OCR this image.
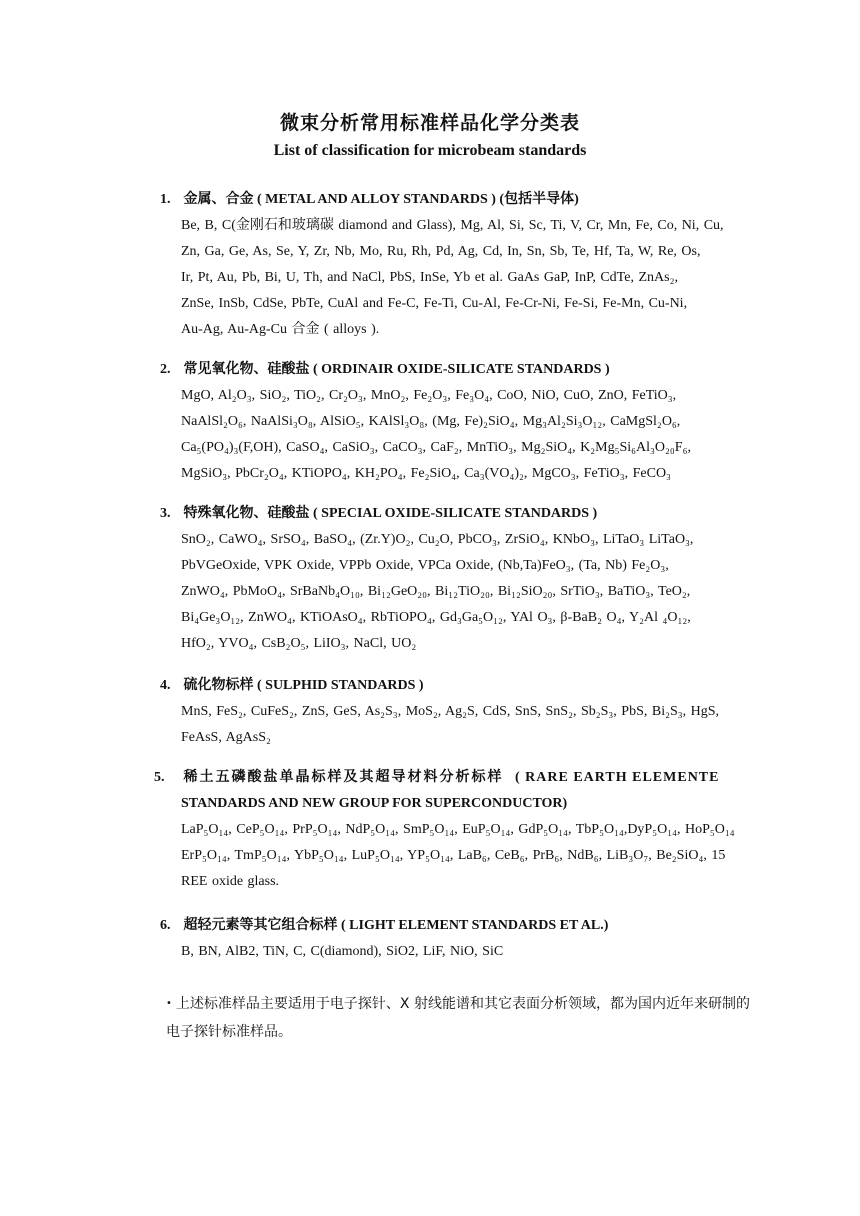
微束分析常用标准样品化学分类表
List of classification for microbeam standards
1. 金属、合金 ( METAL AND ALLOY STANDARDS ) (包括半导体)
Be, B, C(金刚石和玻璃碳 diamond and Glass), Mg, Al, Si, Sc, Ti, V, Cr, Mn, Fe, Co, Ni, Cu,
Zn, Ga, Ge, As, Se, Y, Zr, Nb, Mo, Ru, Rh, Pd, Ag, Cd, In, Sn, Sb, Te, Hf, Ta, W, Re, Os,
Ir, Pt, Au, Pb, Bi, U, Th, and NaCl, PbS, InSe, Yb et al. GaAs GaP, InP, CdTe, ZnAs₂,
ZnSe, InSb, CdSe, PbTe, CuAl and Fe-C, Fe-Ti, Cu-Al, Fe-Cr-Ni, Fe-Si, Fe-Mn, Cu-Ni,
Au-Ag, Au-Ag-Cu 合金 ( alloys ).
2. 常见氧化物、硅酸盐 ( ORDINAIR OXIDE-SILICATE STANDARDS )
MgO, Al₂O₃, SiO₂, TiO₂, Cr₂O₃, MnO₂, Fe₂O₃, Fe₃O₄, CoO, NiO, CuO, ZnO, FeTiO₃,
NaAlSl₂O₆, NaAlSi₃O₈, AlSiO₅, KAlSl₃O₈, (Mg, Fe)₂SiO₄, Mg₃Al₂Si₃O₁₂, CaMgSl₂O₆,
Ca₅(PO₄)₃(F,OH), CaSO₄, CaSiO₃, CaCO₃, CaF₂, MnTiO₃, Mg₂SiO₄, K₂Mg₅Si₆Al₃O₂₀F₆,
MgSiO₃, PbCr₂O₄, KTiOPO₄, KH₂PO₄, Fe₂SiO₄, Ca₃(VO₄)₂, MgCO₃, FeTiO₃, FeCO₃
3. 特殊氧化物、硅酸盐 ( SPECIAL OXIDE-SILICATE STANDARDS )
SnO₂, CaWO₄, SrSO₄, BaSO₄, (Zr.Y)O₂, Cu₂O, PbCO₃, ZrSiO₄, KNbO₃, LiTaO₃ LiTaO₃,
PbVGeOxide, VPK Oxide, VPPb Oxide, VPCa Oxide, (Nb,Ta)FeO₃, (Ta, Nb) Fe₂O₃,
ZnWO₄, PbMoO₄, SrBaNb₄O₁₀, Bi₁₂GeO₂₀, Bi₁₂TiO₂₀, Bi₁₂SiO₂₀, SrTiO₃, BaTiO₃, TeO₂,
Bi₄Ge₃O₁₂, ZnWO₄, KTiOAsO₄, RbTiOPO₄, Gd₃Ga₅O₁₂, YAl O₃, β-BaB₂ O₄, Y₂Al ₄O₁₂,
HfO₂, YVO₄, CsB₂O₅, LiIO₃, NaCl, UO₂
4. 硫化物标样 ( SULPHID STANDARDS )
MnS, FeS₂, CuFeS₂, ZnS, GeS, As₂S₃, MoS₂, Ag₂S, CdS, SnS, SnS₂, Sb₂S₃, PbS, Bi₂S₃, HgS,
FeAsS, AgAsS₂
5. 稀土五磷酸盐单晶标样及其超导材料分析标样 ( RARE EARTH ELEMENTE
STANDARDS AND NEW GROUP FOR SUPERCONDUCTOR)
LaP₅O₁₄, CeP₅O₁₄, PrP₅O₁₄, NdP₅O₁₄, SmP₅O₁₄, EuP₅O₁₄, GdP₅O₁₄, TbP₅O₁₄,DyP₅O₁₄, HoP₅O₁₄
ErP₅O₁₄, TmP₅O₁₄, YbP₅O₁₄, LuP₅O₁₄, YP₅O₁₄, LaB₆, CeB₆, PrB₆, NdB₆, LiB₃O₇, Be₂SiO₄, 15
REE oxide glass.
6. 超轻元素等其它组合标样 ( LIGHT ELEMENT STANDARDS ET AL.)
B, BN, AlB2, TiN, C, C(diamond), SiO2, LiF, NiO, SiC
• 上述标准样品主要适用于电子探针、X 射线能谱和其它表面分析领域，都为国内近年来研制的电子探针标准样品。
